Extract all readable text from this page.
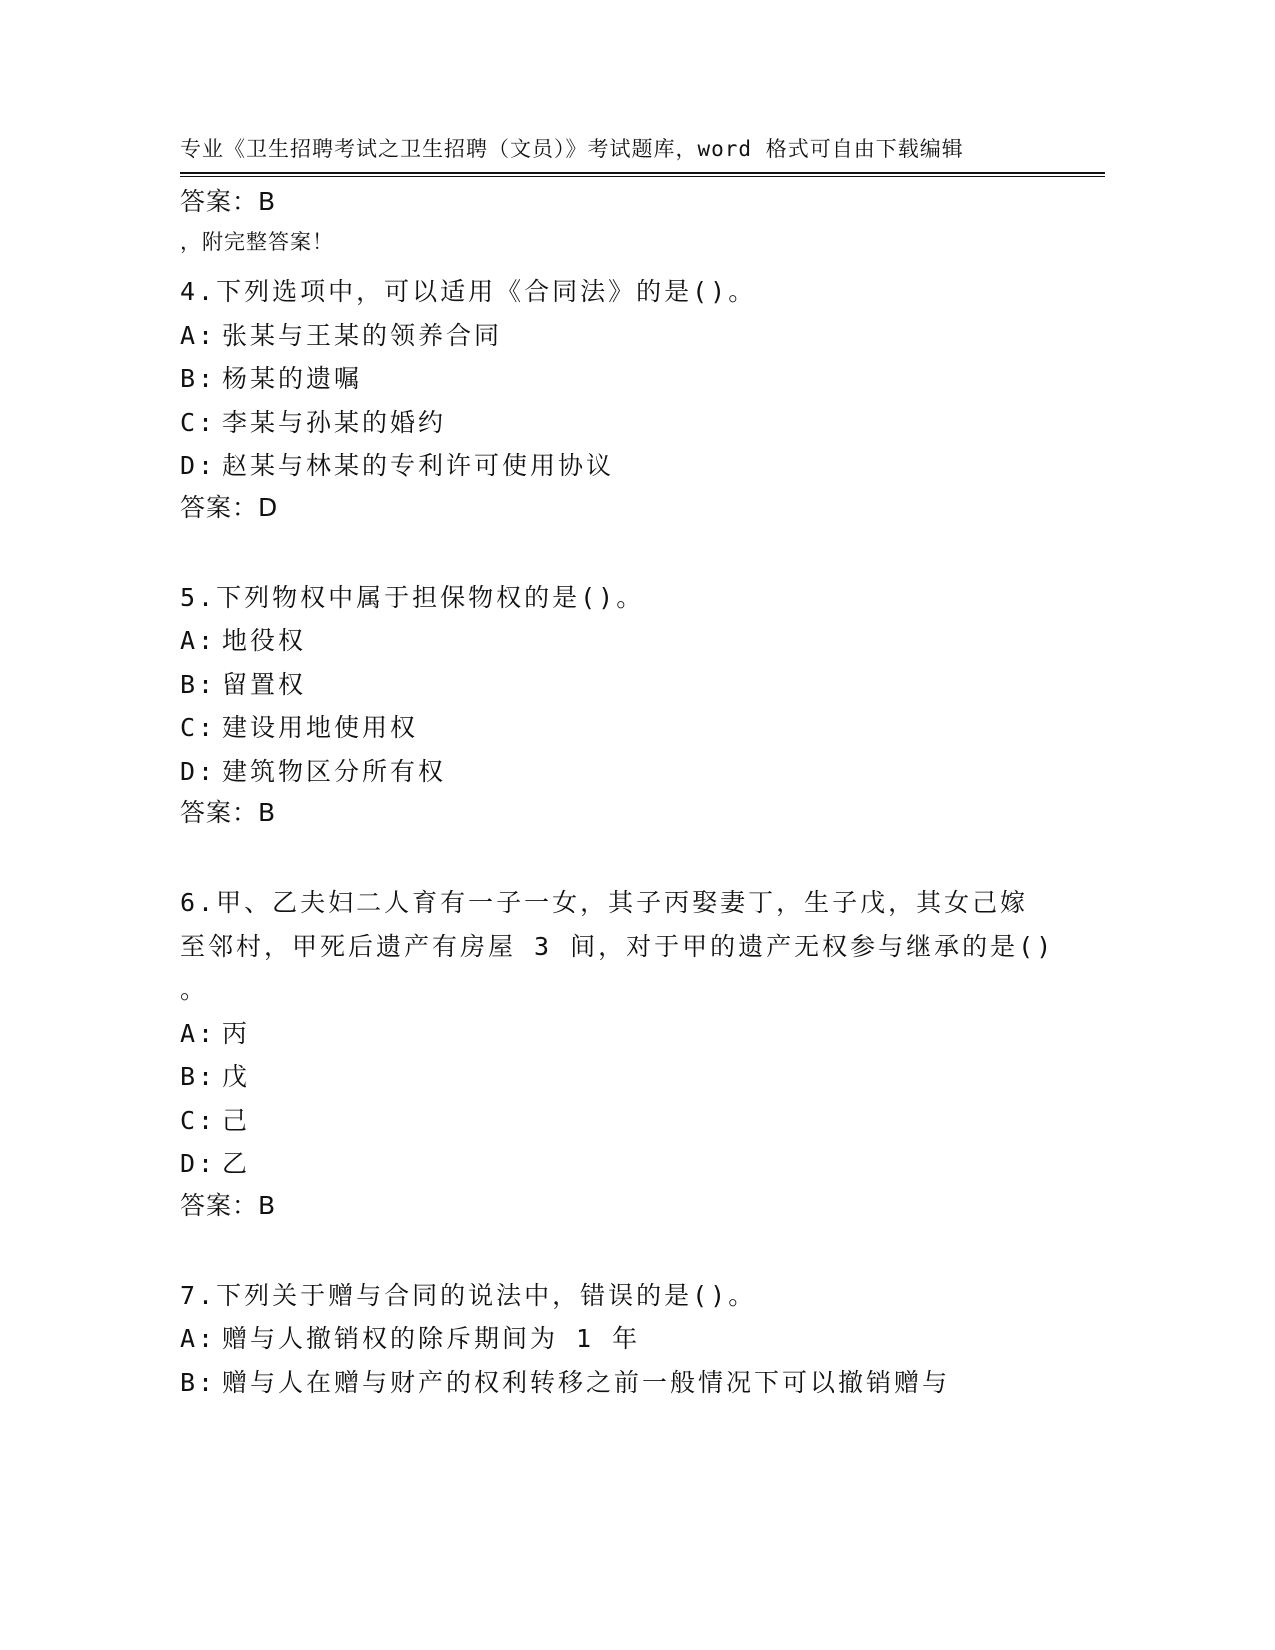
专业《卫生招聘考试之卫生招聘（文员）》考试题库，word 格式可自由下载编辑

，附完整答案！

答案：B
4.下列选项中，可以适用《合同法》的是()。
A: 张某与王某的领养合同
B: 杨某的遗嘱
C: 李某与孙某的婚约
D: 赵某与林某的专利许可使用协议
答案：D
5.下列物权中属于担保物权的是()。
A: 地役权
B: 留置权
C: 建设用地使用权
D: 建筑物区分所有权
答案：B
6.甲、乙夫妇二人育有一子一女，其子丙娶妻丁，生子戊，其女己嫁
至邻村，甲死后遗产有房屋 3 间，对于甲的遗产无权参与继承的是()
。
A: 丙
B: 戊
C: 己
D: 乙
答案：B
7.下列关于赠与合同的说法中，错误的是()。
A: 赠与人撤销权的除斥期间为 1 年
B: 赠与人在赠与财产的权利转移之前一般情况下可以撤销赠与
